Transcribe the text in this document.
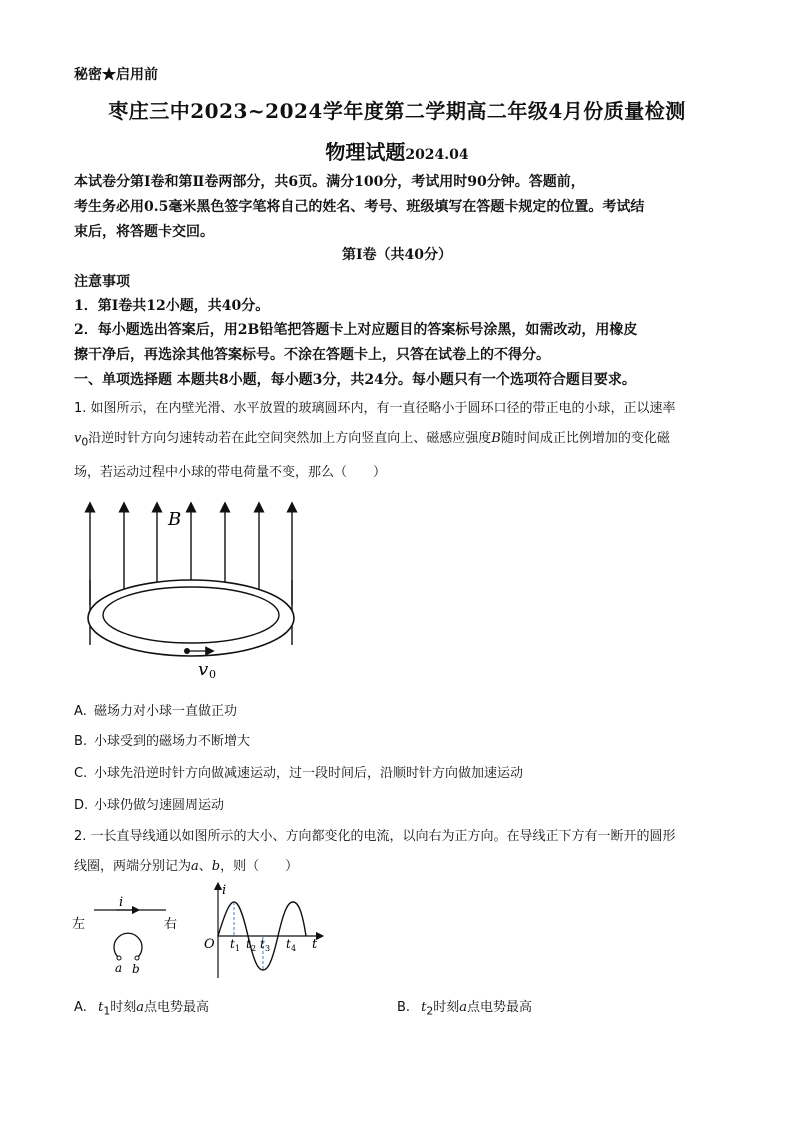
秘密★启用前
枣庄三中2023~2024学年度第二学期高二年级4月份质量检测
物理试题2024.04
本试卷分第Ⅰ卷和第Ⅱ卷两部分，共6页。满分100分，考试用时90分钟。答题前，
考生务必用0.5毫米黑色签字笔将自己的姓名、考号、班级填写在答题卡规定的位置。考试结
束后，将答题卡交回。
第Ⅰ卷（共40分）
注意事项
1．第Ⅰ卷共12小题，共40分。
2．每小题选出答案后，用2B铅笔把答题卡上对应题目的答案标号涂黑，如需改动，用橡皮
擦干净后，再选涂其他答案标号。不涂在答题卡上，只答在试卷上的不得分。
一、单项选择题 本题共8小题，每小题3分，共24分。每小题只有一个选项符合题目要求。
1. 如图所示，在内壁光滑、水平放置的玻璃圆环内，有一直径略小于圆环口径的带正电的小球，正以速率
$v_0$沿逆时针方向匀速转动若在此空间突然加上方向竖直向上、磁感应强度B随时间成正比例增加的变化磁
场，若运动过程中小球的带电荷量不变，那么（　　）
B
v 0
A. 磁场力对小球一直做正功
B. 小球受到的磁场力不断增大
C. 小球先沿逆时针方向做减速运动，过一段时间后，沿顺时针方向做加速运动
D. 小球仍做匀速圆周运动
2. 一长直导线通以如图所示的大小、方向都变化的电流，以向右为正方向。在导线正下方有一断开的圆形
线圈，两端分别记为a、b，则（　　）
i
左	右
a b
i
O	t
t 1 t 2 t 3 t 4
A. $t_1$时刻a点电势最高	B. $t_2$时刻a点电势最高
